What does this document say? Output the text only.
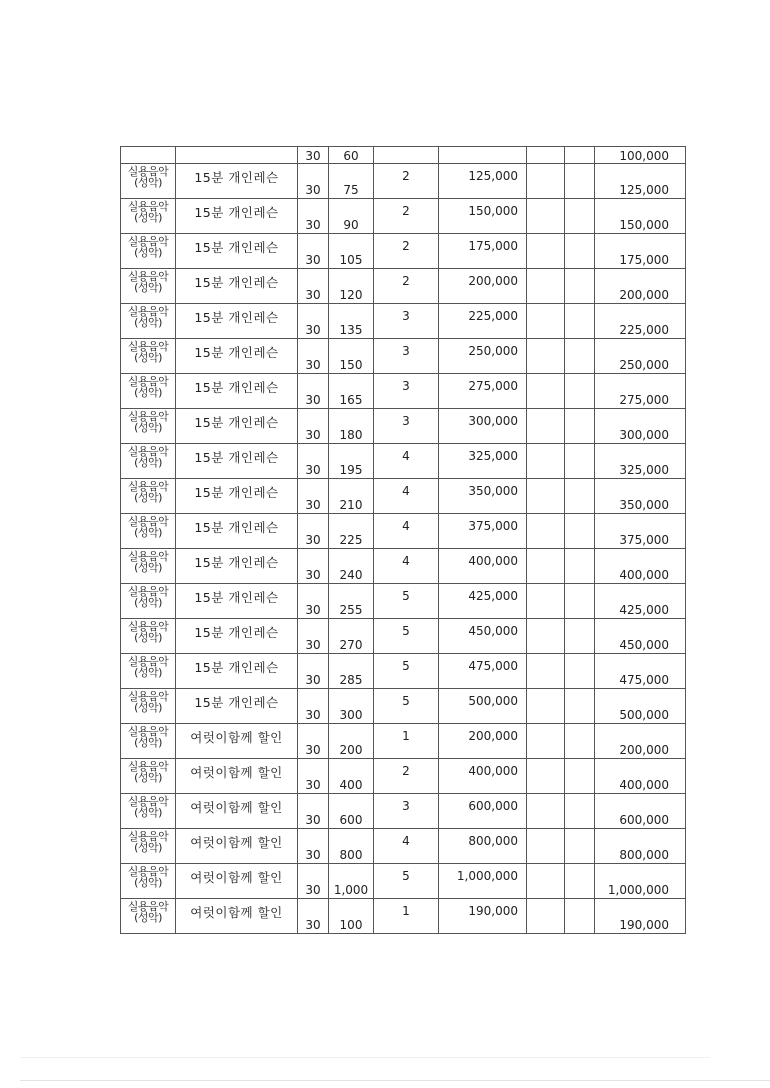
		30	60					100,000

실용음악
(성악)	15분 개인레슨	30	75	2	125,000			125,000

실용음악
(성악)	15분 개인레슨	30	90	2	150,000			150,000

실용음악
(성악)	15분 개인레슨	30	105	2	175,000			175,000

실용음악
(성악)	15분 개인레슨	30	120	2	200,000			200,000

실용음악
(성악)	15분 개인레슨	30	135	3	225,000			225,000

실용음악
(성악)	15분 개인레슨	30	150	3	250,000			250,000

실용음악
(성악)	15분 개인레슨	30	165	3	275,000			275,000

실용음악
(성악)	15분 개인레슨	30	180	3	300,000			300,000

실용음악
(성악)	15분 개인레슨	30	195	4	325,000			325,000

실용음악
(성악)	15분 개인레슨	30	210	4	350,000			350,000

실용음악
(성악)	15분 개인레슨	30	225	4	375,000			375,000

실용음악
(성악)	15분 개인레슨	30	240	4	400,000			400,000

실용음악
(성악)	15분 개인레슨	30	255	5	425,000			425,000

실용음악
(성악)	15분 개인레슨	30	270	5	450,000			450,000

실용음악
(성악)	15분 개인레슨	30	285	5	475,000			475,000

실용음악
(성악)	15분 개인레슨	30	300	5	500,000			500,000

실용음악
(성악)	여럿이함께 할인	30	200	1	200,000			200,000

실용음악
(성악)	여럿이함께 할인	30	400	2	400,000			400,000

실용음악
(성악)	여럿이함께 할인	30	600	3	600,000			600,000

실용음악
(성악)	여럿이함께 할인	30	800	4	800,000			800,000

실용음악
(성악)	여럿이함께 할인	30	1,000	5	1,000,000			1,000,000

실용음악
(성악)	여럿이함께 할인	30	100	1	190,000			190,000
